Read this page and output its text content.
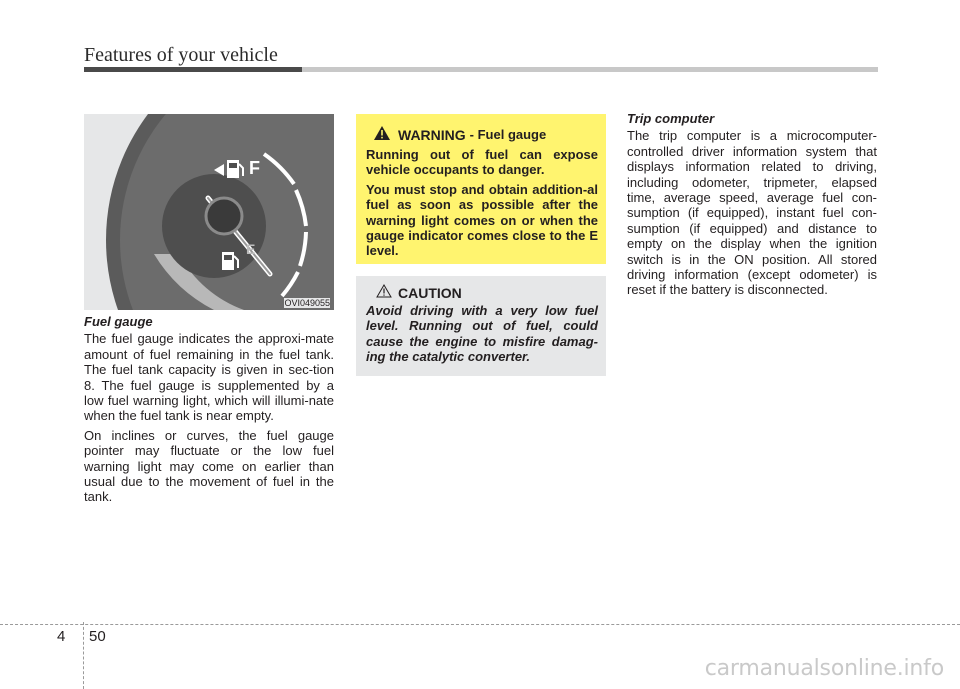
Features of your vehicle
F
E
OVI049055
Fuel gauge

The fuel gauge indicates the approxi-mate amount of fuel remaining in the fuel tank. The fuel tank capacity is given in sec-tion 8. The fuel gauge is supplemented by a low fuel warning light, which will illumi-nate when the fuel tank is near empty.

On inclines or curves, the fuel gauge pointer may fluctuate or the low fuel warning light may come on earlier than usual due to the movement of fuel in the tank.

WARNING - Fuel gauge

Running out of fuel can expose vehicle occupants to danger.

You must stop and obtain addition-al fuel as soon as possible after the warning light comes on or when the gauge indicator comes close to the E level.

CAUTION

Avoid driving with a very low fuel level. Running out of fuel, could cause the engine to misfire damag-ing the catalytic converter.

Trip computer

The trip computer is a microcomputer-controlled driver information system that displays information related to driving, including odometer, tripmeter, elapsed time, average speed, average fuel con-sumption (if equipped), instant fuel con-sumption (if equipped) and distance to empty on the display when the ignition switch is in the ON position. All stored driving information (except odometer) is reset if the battery is disconnected.

4 50
carmanualsonline.info
